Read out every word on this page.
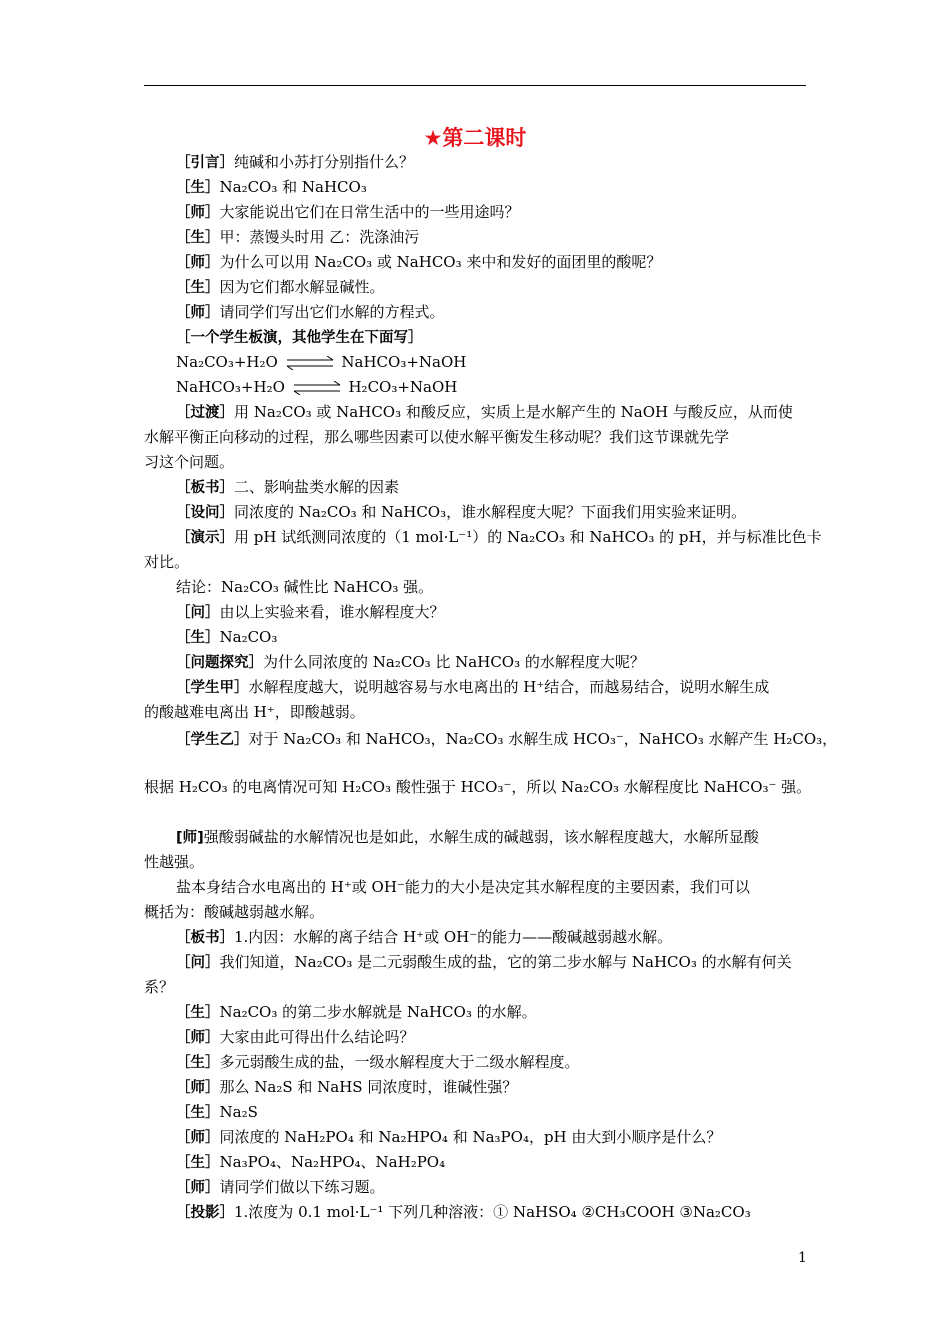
★第二课时
［引言］纯碱和小苏打分别指什么？
［生］Na₂CO₃ 和 NaHCO₃
［师］大家能说出它们在日常生活中的一些用途吗？
［生］甲：蒸馒头时用 乙：洗涤油污
［师］为什么可以用 Na₂CO₃ 或 NaHCO₃ 来中和发好的面团里的酸呢？
［生］因为它们都水解显碱性。
［师］请同学们写出它们水解的方程式。
［一个学生板演，其他学生在下面写］
Na₂CO₃+H₂O ⇌ NaHCO₃+NaOH
NaHCO₃+H₂O ⇌ H₂CO₃+NaOH
［过渡］用 Na₂CO₃ 或 NaHCO₃ 和酸反应，实质上是水解产生的 NaOH 与酸反应，从而使
水解平衡正向移动的过程，那么哪些因素可以使水解平衡发生移动呢？我们这节课就先学
习这个问题。
［板书］二、影响盐类水解的因素
［设问］同浓度的 Na₂CO₃ 和 NaHCO₃，谁水解程度大呢？下面我们用实验来证明。
［演示］用 pH 试纸测同浓度的（1 mol·L⁻¹）的 Na₂CO₃ 和 NaHCO₃ 的 pH，并与标准比色卡
对比。
结论：Na₂CO₃ 碱性比 NaHCO₃ 强。
［问］由以上实验来看，谁水解程度大？
［生］Na₂CO₃
［问题探究］为什么同浓度的 Na₂CO₃ 比 NaHCO₃ 的水解程度大呢？
［学生甲］水解程度越大，说明越容易与水电离出的 H⁺结合，而越易结合，说明水解生成
的酸越难电离出 H⁺，即酸越弱。
［学生乙］对于 Na₂CO₃ 和 NaHCO₃，Na₂CO₃ 水解生成 HCO₃⁻，NaHCO₃ 水解产生 H₂CO₃，
根据 H₂CO₃ 的电离情况可知 H₂CO₃ 酸性强于 HCO₃⁻，所以 Na₂CO₃ 水解程度比 NaHCO₃⁻ 强。
[师]强酸弱碱盐的水解情况也是如此，水解生成的碱越弱，该水解程度越大，水解所显酸
性越强。
盐本身结合水电离出的 H⁺或 OH⁻能力的大小是决定其水解程度的主要因素，我们可以
概括为：酸碱越弱越水解。
［板书］1.内因：水解的离子结合 H⁺或 OH⁻的能力——酸碱越弱越水解。
［问］我们知道，Na₂CO₃ 是二元弱酸生成的盐，它的第二步水解与 NaHCO₃ 的水解有何关
系？
［生］Na₂CO₃ 的第二步水解就是 NaHCO₃ 的水解。
［师］大家由此可得出什么结论吗？
［生］多元弱酸生成的盐，一级水解程度大于二级水解程度。
［师］那么 Na₂S 和 NaHS 同浓度时，谁碱性强？
［生］Na₂S
［师］同浓度的 NaH₂PO₄ 和 Na₂HPO₄ 和 Na₃PO₄，pH 由大到小顺序是什么？
［生］Na₃PO₄、Na₂HPO₄、NaH₂PO₄
［师］请同学们做以下练习题。
［投影］1.浓度为 0.1 mol·L⁻¹ 下列几种溶液：① NaHSO₄ ②CH₃COOH ③Na₂CO₃
1
